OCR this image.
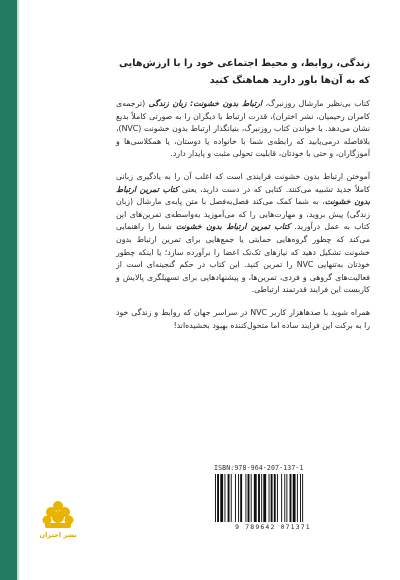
زندگی، روابط، و محیط اجتماعی خود را با ارزش‌هایی که به آن‌ها باور دارید هماهنگ کنید

کتاب بی‌نظیر مارشال روزنبرگ، ارتباط بدون خشونت: زبان زندگی (ترجمه‌ی کامران رحیمیان، نشر اختران)، قدرت ارتباط با دیگران را به صورتی کاملاً بدیع نشان می‌دهد. با خواندن کتاب روزنبرگ، بنیانگذار ارتباط بدون خشونت (NVC)، بلافاصله درمی‌یابید که رابطه‌ی شما با خانواده یا دوستان، یا همکلاسی‌ها و آموزگاران، و حتی با خودتان، قابلیت تحولی مثبت و پایدار دارد.

آموختن ارتباط بدون خشونت فرایندی است که اغلب آن را به یادگیری زبانی کاملاً جدید تشبیه می‌کنند. کتابی که در دست دارید، یعنی کتاب تمرین ارتباط بدون خشونت، به شما کمک می‌کند فصل‌به‌فصل با متن پایه‌ی مارشال (زبان زندگی) پیش بروید، و مهارت‌هایی را که می‌آموزید به‌واسطه‌ی تمرین‌های این کتاب به عمل درآورید. کتاب تمرین ارتباط بدون خشونت شما را راهنمایی می‌کند که چطور گروه‌هایی حمایتی یا جمع‌هایی برای تمرین ارتباط بدون خشونت تشکیل دهید که نیازهای تک‌تک اعضا را برآورده سازد؛ یا اینکه چطور خودتان به‌تنهایی NVC را تمرین کنید. این کتاب در حکم گنجینه‌ای است از فعالیت‌های گروهی و فردی، تمرین‌ها، و پیشنهادهایی برای تسهیلگری پالایش و کاربست این فرایند قدرتمند ارتباطی.

همراه شوید با صدهاهزار کاربر NVC در سراسر جهان که روابط و زندگی خود را به برکت این فرایند ساده اما متحول‌کننده بهبود بخشیده‌اند!

ISBN:978-964-207-137-1
9 789642 071371
نشر اختران
